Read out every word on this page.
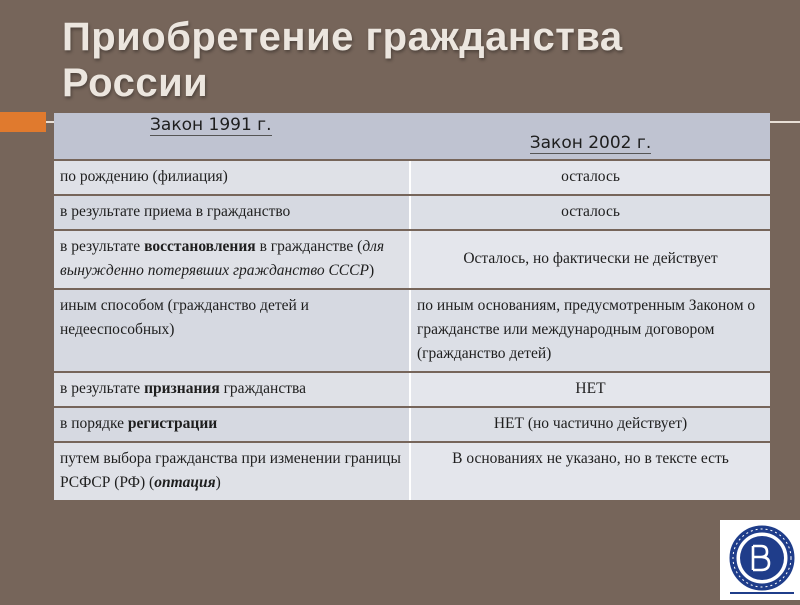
Приобретение гражданства России
Закон 1991 г.	Закон 2002 г.
по рождению (филиация)	осталось
в результате приема в гражданство	осталось
в результате восстановления в гражданстве (для вынужденно потерявших гражданство СССР)	Осталось, но фактически не действует
иным способом (гражданство детей и недееспособных)	по иным основаниям, предусмотренным Законом о гражданстве или международным договором (гражданство детей)
в результате признания гражданства	НЕТ
в порядке регистрации	НЕТ (но частично действует)
путем выбора гражданства при изменении границы РСФСР (РФ) (оптация)	В основаниях не указано, но в тексте есть
